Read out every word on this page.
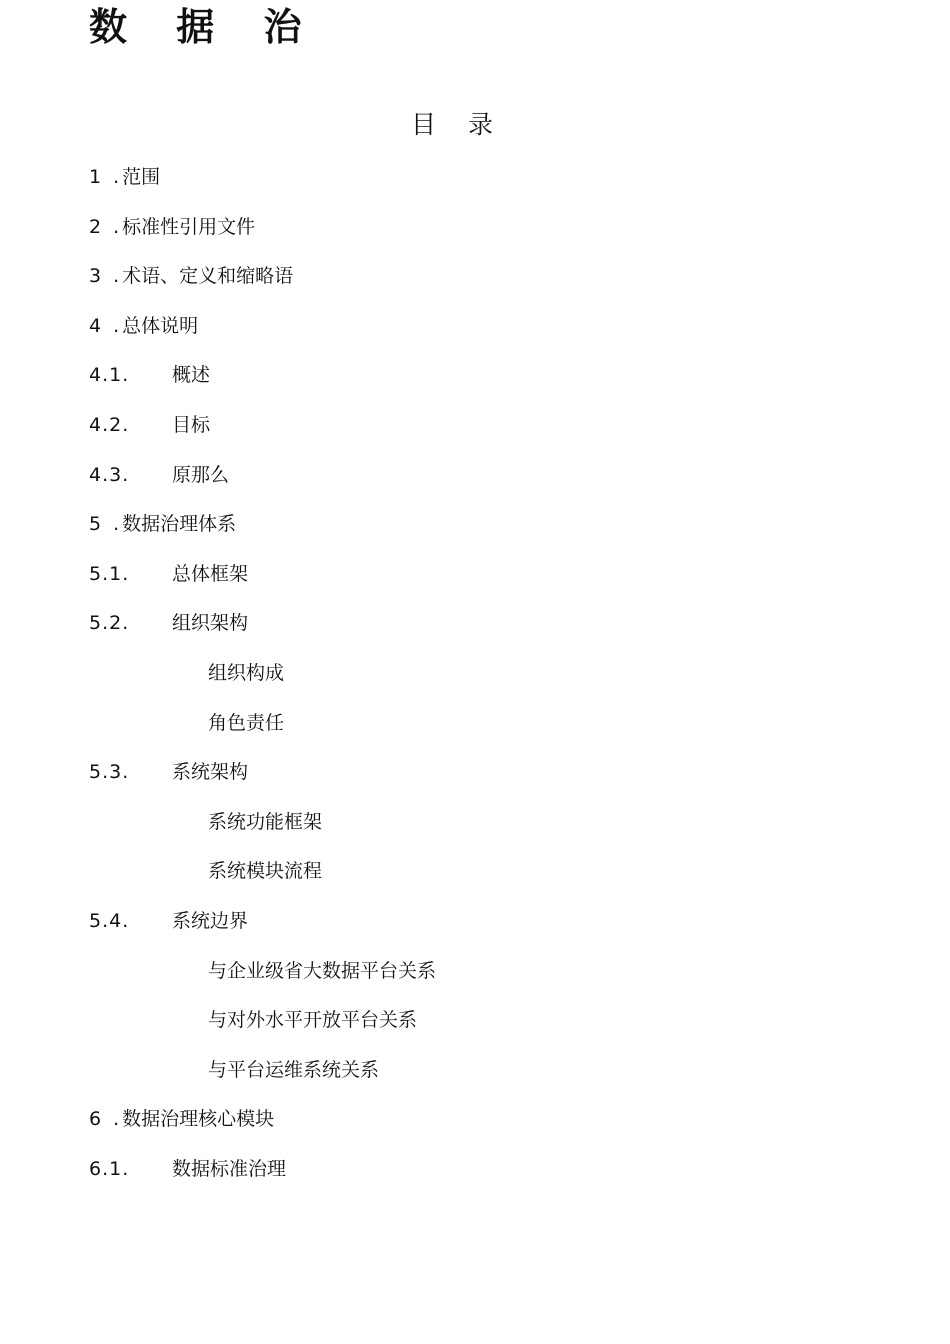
数 据 治
目 录
1 .范围
2 .标准性引用文件
3 .术语、定义和缩略语
4 .总体说明
4.1. 概述
4.2. 目标
4.3. 原那么
5 .数据治理体系
5.1. 总体框架
5.2. 组织架构
组织构成
角色责任
5.3. 系统架构
系统功能框架
系统模块流程
5.4. 系统边界
与企业级省大数据平台关系
与对外水平开放平台关系
与平台运维系统关系
6 .数据治理核心模块
6.1. 数据标准治理
